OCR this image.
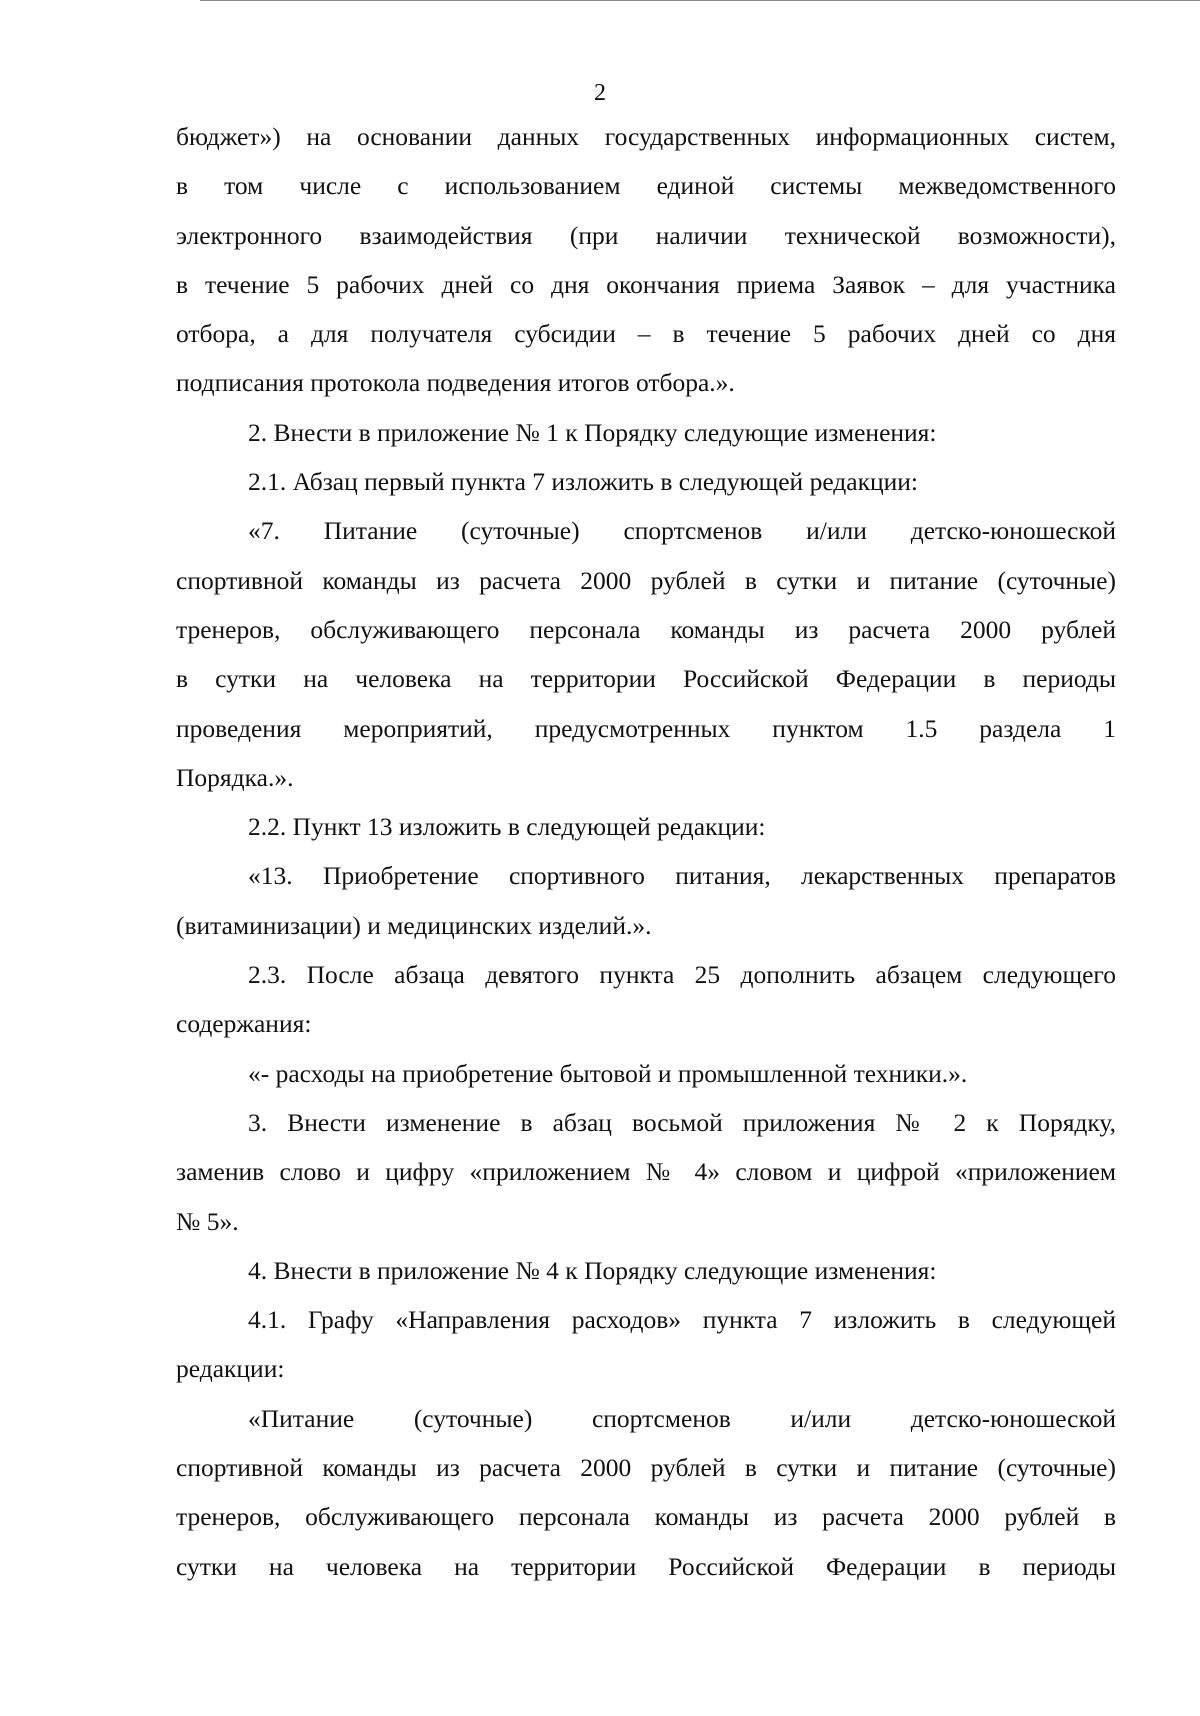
2
бюджет») на основании данных государственных информационных систем,
в том числе с использованием единой системы межведомственного
электронного взаимодействия (при наличии технической возможности),
в течение 5 рабочих дней со дня окончания приема Заявок – для участника
отбора, а для получателя субсидии – в течение 5 рабочих дней со дня
подписания протокола подведения итогов отбора.».
2. Внести в приложение № 1 к Порядку следующие изменения:
2.1. Абзац первый пункта 7 изложить в следующей редакции:
«7. Питание (суточные) спортсменов и/или детско-юношеской
спортивной команды из расчета 2000 рублей в сутки и питание (суточные)
тренеров, обслуживающего персонала команды из расчета 2000 рублей
в сутки на человека на территории Российской Федерации в периоды
проведения мероприятий, предусмотренных пунктом 1.5 раздела 1
Порядка.».
2.2. Пункт 13 изложить в следующей редакции:
«13. Приобретение спортивного питания, лекарственных препаратов
(витаминизации) и медицинских изделий.».
2.3. После абзаца девятого пункта 25 дополнить абзацем следующего
содержания:
«- расходы на приобретение бытовой и промышленной техники.».
3. Внести изменение в абзац восьмой приложения № 2 к Порядку,
заменив слово и цифру «приложением № 4» словом и цифрой «приложением
№ 5».
4. Внести в приложение № 4 к Порядку следующие изменения:
4.1. Графу «Направления расходов» пункта 7 изложить в следующей
редакции:
«Питание (суточные) спортсменов и/или детско-юношеской
спортивной команды из расчета 2000 рублей в сутки и питание (суточные)
тренеров, обслуживающего персонала команды из расчета 2000 рублей в
сутки на человека на территории Российской Федерации в периоды
